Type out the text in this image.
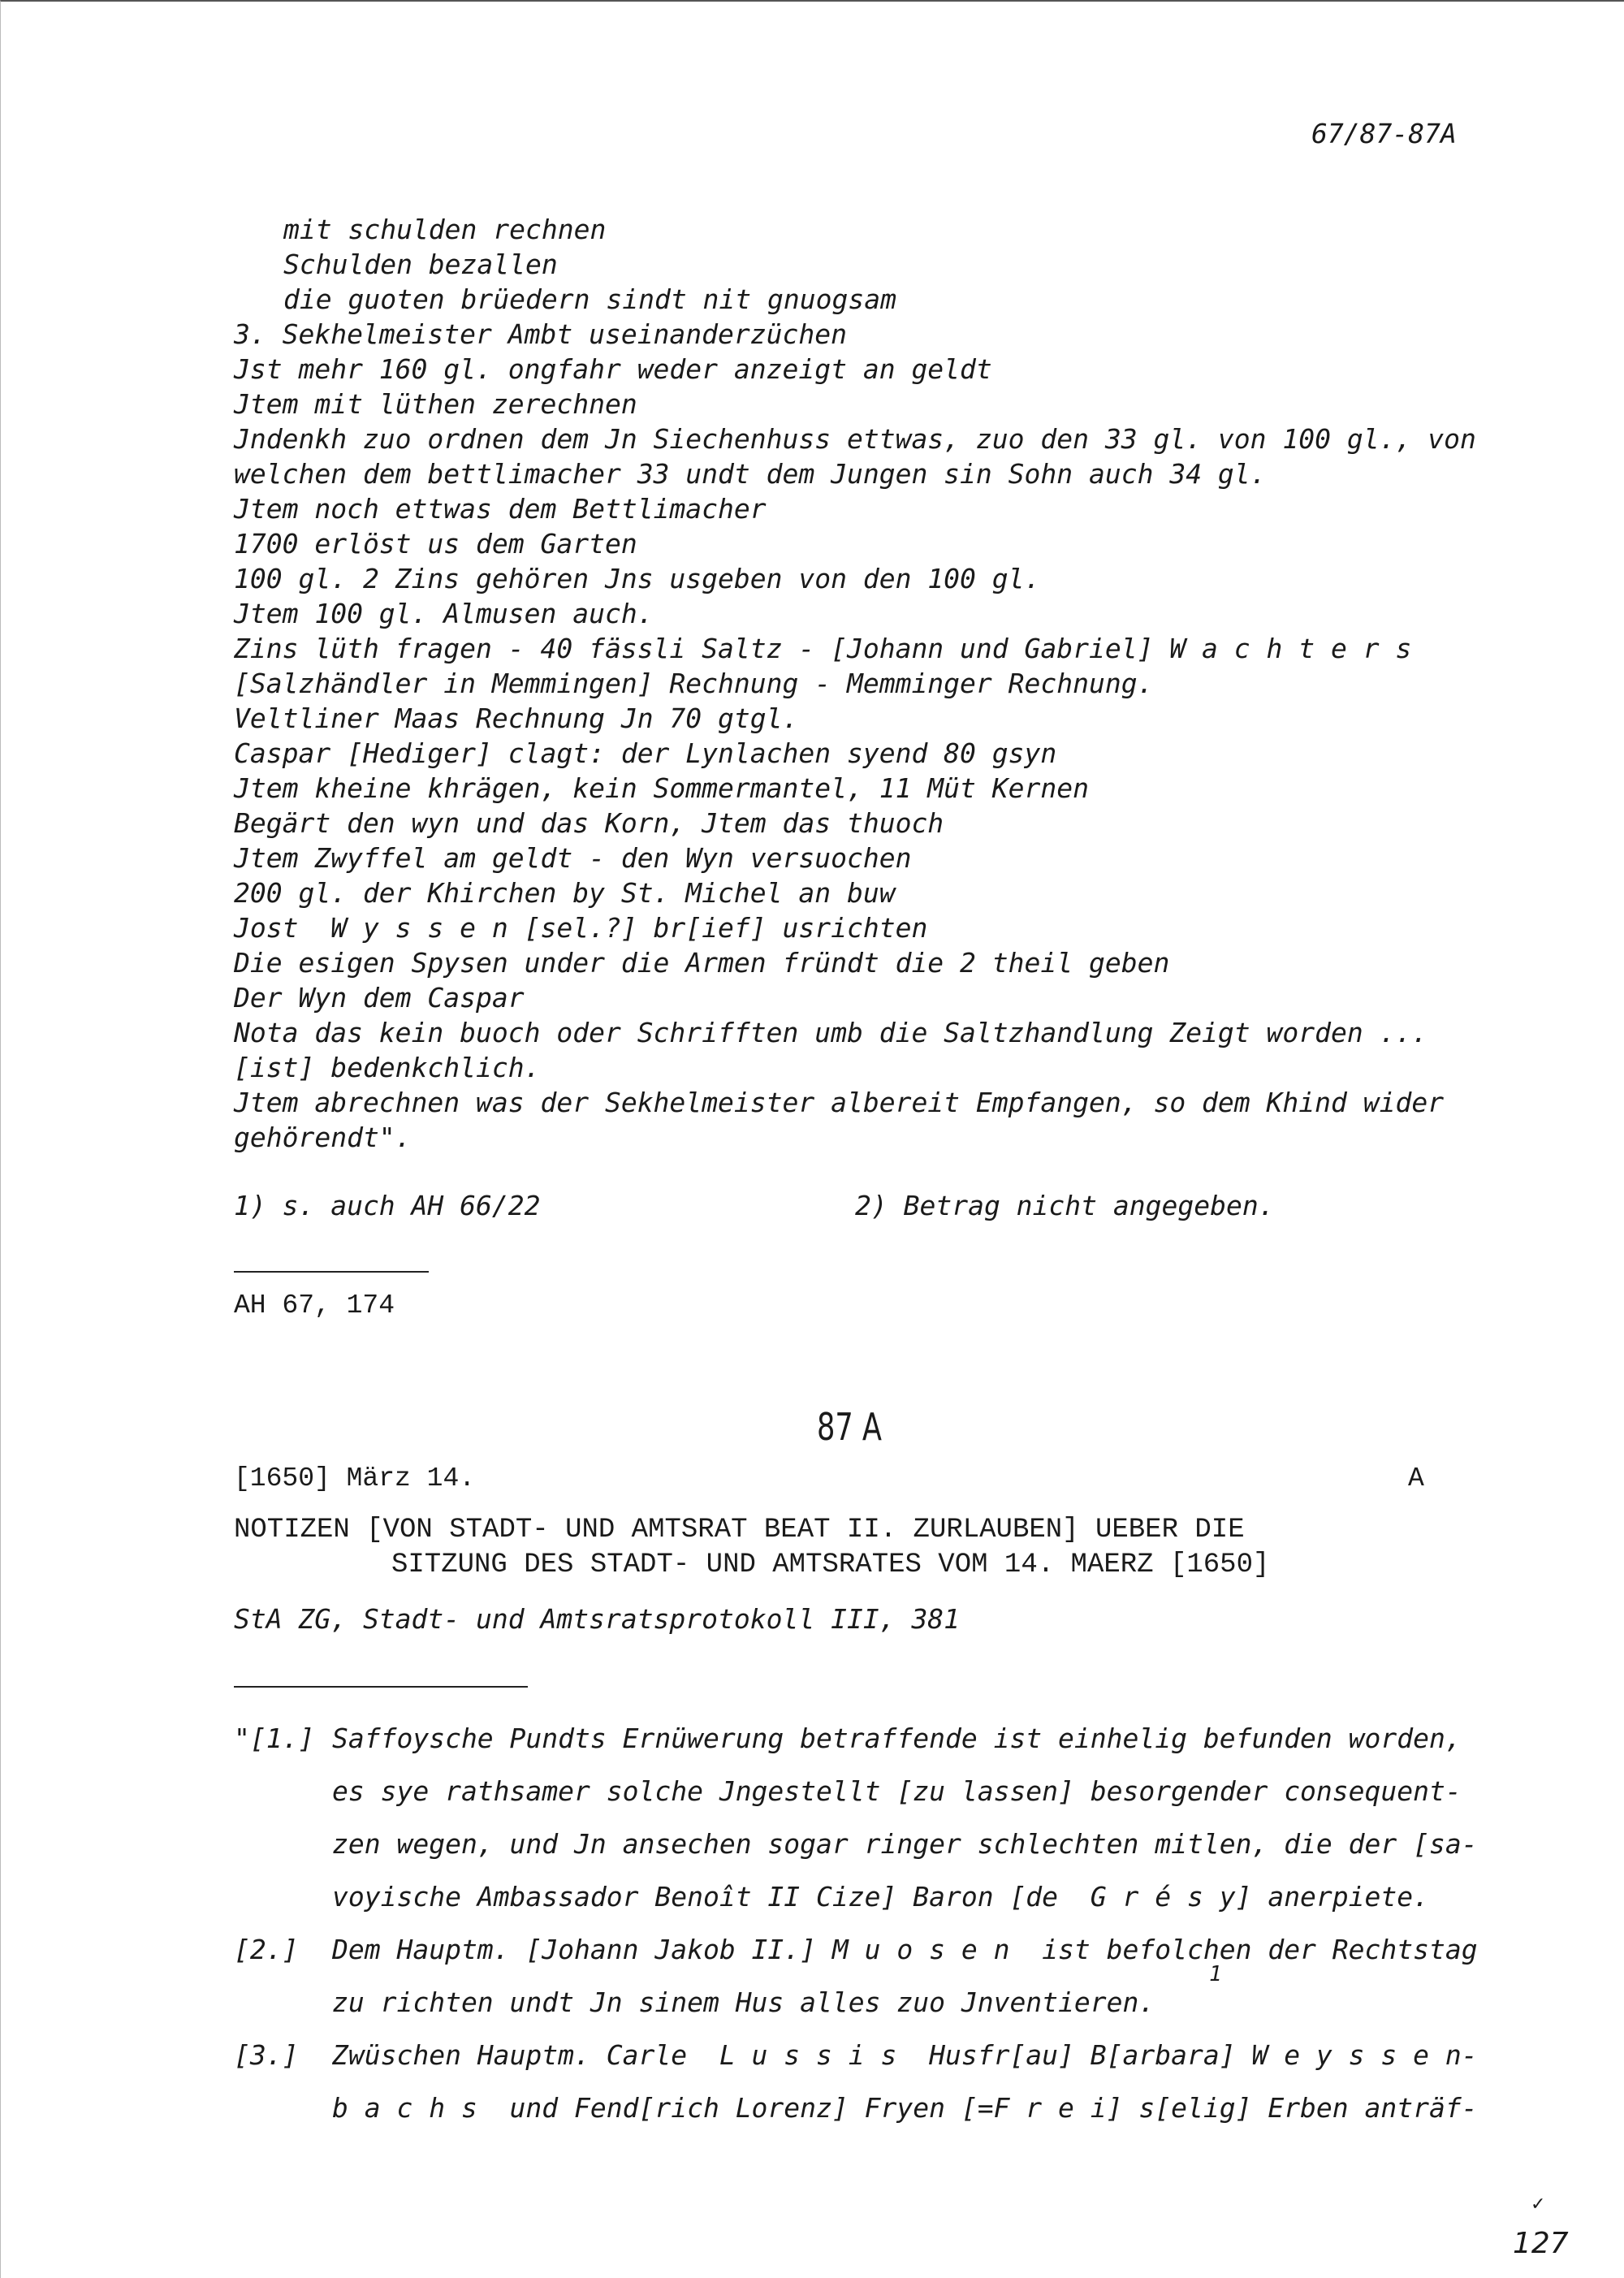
67/87-87A
mit schulden rechnen
Schulden bezallen
die guoten brüedern sindt nit gnuogsam
3. Sekhelmeister Ambt useinanderzüchen
Jst mehr 160 gl. ongfahr weder anzeigt an geldt
Jtem mit lüthen zerechnen
Jndenkh zuo ordnen dem Jn Siechenhuss ettwas, zuo den 33 gl. von 100 gl., von
welchen dem bettlimacher 33 undt dem Jungen sin Sohn auch 34 gl.
Jtem noch ettwas dem Bettlimacher
1700 erlöst us dem Garten
100 gl. 2 Zins gehören Jns usgeben von den 100 gl.
Jtem 100 gl. Almusen auch.
Zins lüth fragen - 40 fässli Saltz - [Johann und Gabriel] W a c h t e r s
[Salzhändler in Memmingen] Rechnung - Memminger Rechnung.
Veltliner Maas Rechnung Jn 70 gtgl.
Caspar [Hediger] clagt: der Lynlachen syend 80 gsyn
Jtem kheine khrägen, kein Sommermantel, 11 Müt Kernen
Begärt den wyn und das Korn, Jtem das thuoch
Jtem Zwyffel am geldt - den Wyn versuochen
200 gl. der Khirchen by St. Michel an buw
Jost  W y s s e n [sel.?] br[ief] usrichten
Die esigen Spysen under die Armen fründt die 2 theil geben
Der Wyn dem Caspar
Nota das kein buoch oder Schrifften umb die Saltzhandlung Zeigt worden ...
[ist] bedenkchlich.
Jtem abrechnen was der Sekhelmeister albereit Empfangen, so dem Khind wider
gehörendt".
1) s. auch AH 66/22	2) Betrag nicht angegeben.
AH 67, 174
87 A
[1650] März 14.	A
NOTIZEN [VON STADT- UND AMTSRAT BEAT II. ZURLAUBEN] UEBER DIE
SITZUNG DES STADT- UND AMTSRATES VOM 14. MAERZ [1650]
StA ZG, Stadt- und Amtsratsprotokoll III, 381
"[1.] Saffoysche Pundts Ernüwerung betraffende ist einhelig befunden worden,
es sye rathsamer solche Jngestellt [zu lassen] besorgender consequent-
zen wegen, und Jn ansechen sogar ringer schlechten mitlen, die der [sa-
voyische Ambassador Benoît II Cize] Baron [de  G r é s y] anerpiete.
[2.] Dem Hauptm. [Johann Jakob II.] M u o s e n  ist befolchen der Rechtstag
zu richten undt Jn sinem Hus alles zuo Jnventieren.
1
[3.] Zwüschen Hauptm. Carle  L u s s i s  Husfr[au] B[arbara] W e y s s e n-
b a c h s  und Fend[rich Lorenz] Fryen [=F r e i] s[elig] Erben anträf-
✓
127
